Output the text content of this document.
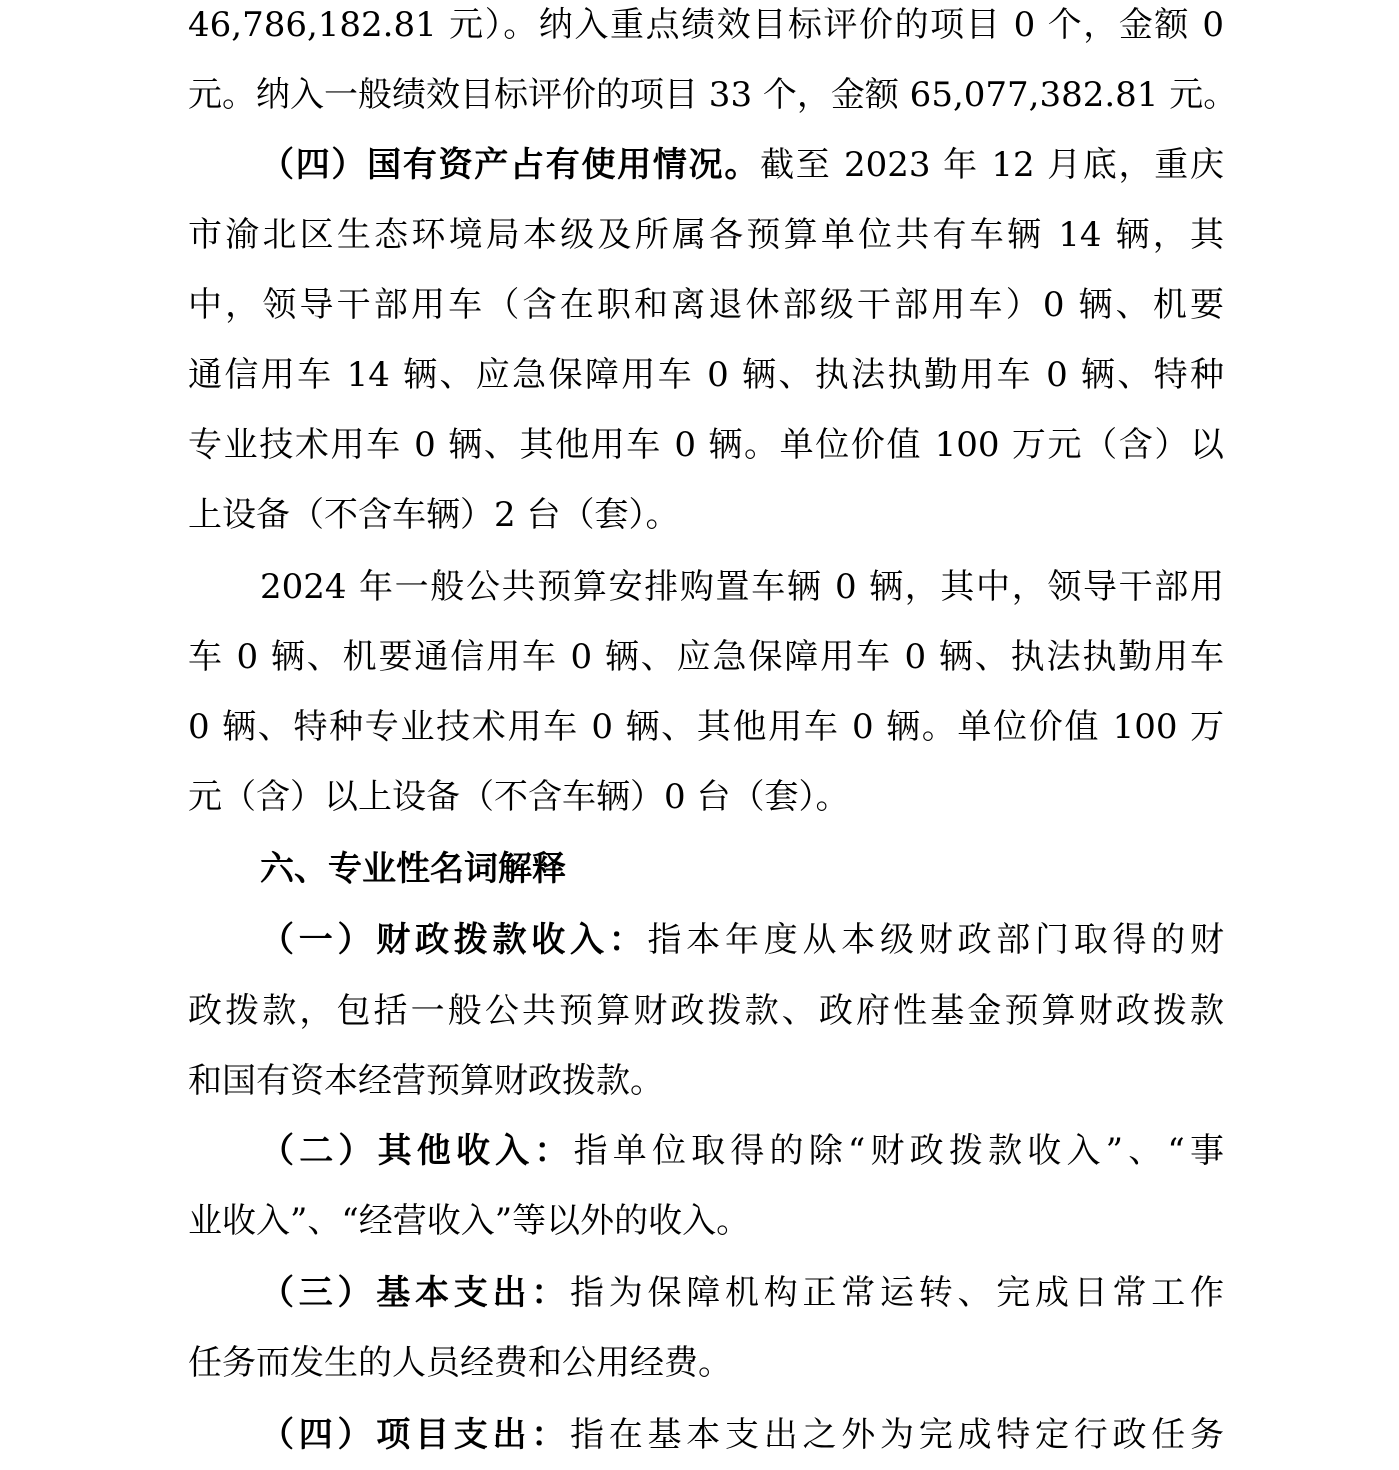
46,786,182.81 元）。纳入重点绩效目标评价的项目 0 个，金额 0
元。纳入一般绩效目标评价的项目 33 个，金额 65,077,382.81 元。
（四）国有资产占有使用情况。截至 2023 年 12 月底，重庆
市渝北区生态环境局本级及所属各预算单位共有车辆 14 辆，其
中，领导干部用车（含在职和离退休部级干部用车）0 辆、机要
通信用车 14 辆、应急保障用车 0 辆、执法执勤用车 0 辆、特种
专业技术用车 0 辆、其他用车 0 辆。单位价值 100 万元（含）以
上设备（不含车辆）2 台（套）。
2024 年一般公共预算安排购置车辆 0 辆，其中，领导干部用
车 0 辆、机要通信用车 0 辆、应急保障用车 0 辆、执法执勤用车
0 辆、特种专业技术用车 0 辆、其他用车 0 辆。单位价值 100 万
元（含）以上设备（不含车辆）0 台（套）。
六、专业性名词解释
（一）财政拨款收入：指本年度从本级财政部门取得的财
政拨款，包括一般公共预算财政拨款、政府性基金预算财政拨款
和国有资本经营预算财政拨款。
（二）其他收入：指单位取得的除“财政拨款收入”、“事
业收入”、“经营收入”等以外的收入。
（三）基本支出：指为保障机构正常运转、完成日常工作
任务而发生的人员经费和公用经费。
（四）项目支出：指在基本支出之外为完成特定行政任务
